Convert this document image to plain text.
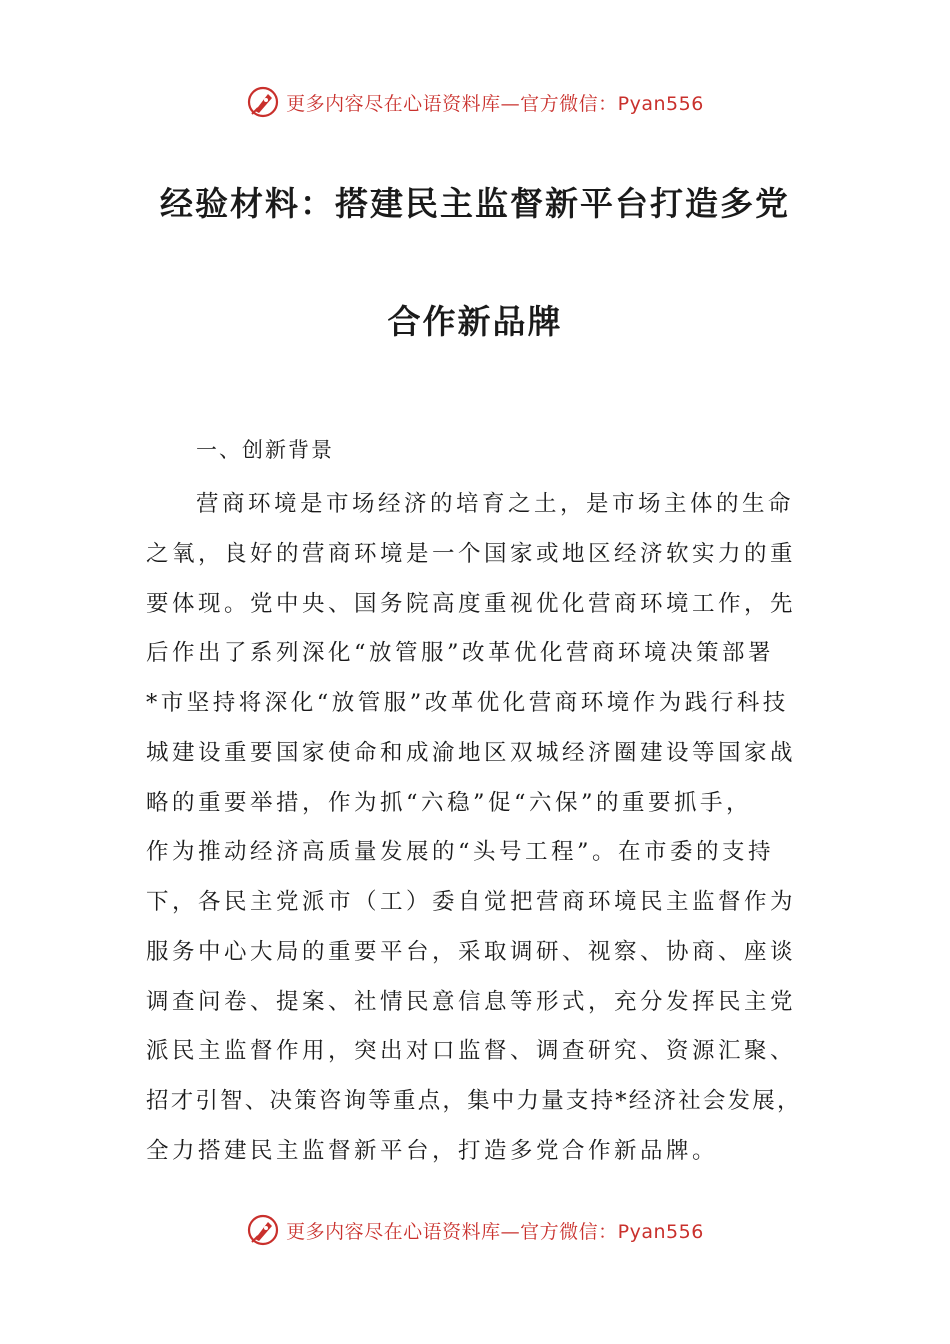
更多内容尽在心语资料库—官方微信：Pyan556
经验材料：搭建民主监督新平台打造多党
合作新品牌
一、创新背景
营商环境是市场经济的培育之土，是市场主体的生命
之氧，良好的营商环境是一个国家或地区经济软实力的重
要体现。党中央、国务院高度重视优化营商环境工作，先
后作出了系列深化“放管服”改革优化营商环境决策部署
*市坚持将深化“放管服”改革优化营商环境作为践行科技
城建设重要国家使命和成渝地区双城经济圈建设等国家战
略的重要举措，作为抓“六稳”促“六保”的重要抓手，
作为推动经济高质量发展的“头号工程”。在市委的支持
下，各民主党派市（工）委自觉把营商环境民主监督作为
服务中心大局的重要平台，采取调研、视察、协商、座谈
调查问卷、提案、社情民意信息等形式，充分发挥民主党
派民主监督作用，突出对口监督、调查研究、资源汇聚、
招才引智、决策咨询等重点，集中力量支持*经济社会发展，
全力搭建民主监督新平台，打造多党合作新品牌。
更多内容尽在心语资料库—官方微信：Pyan556
